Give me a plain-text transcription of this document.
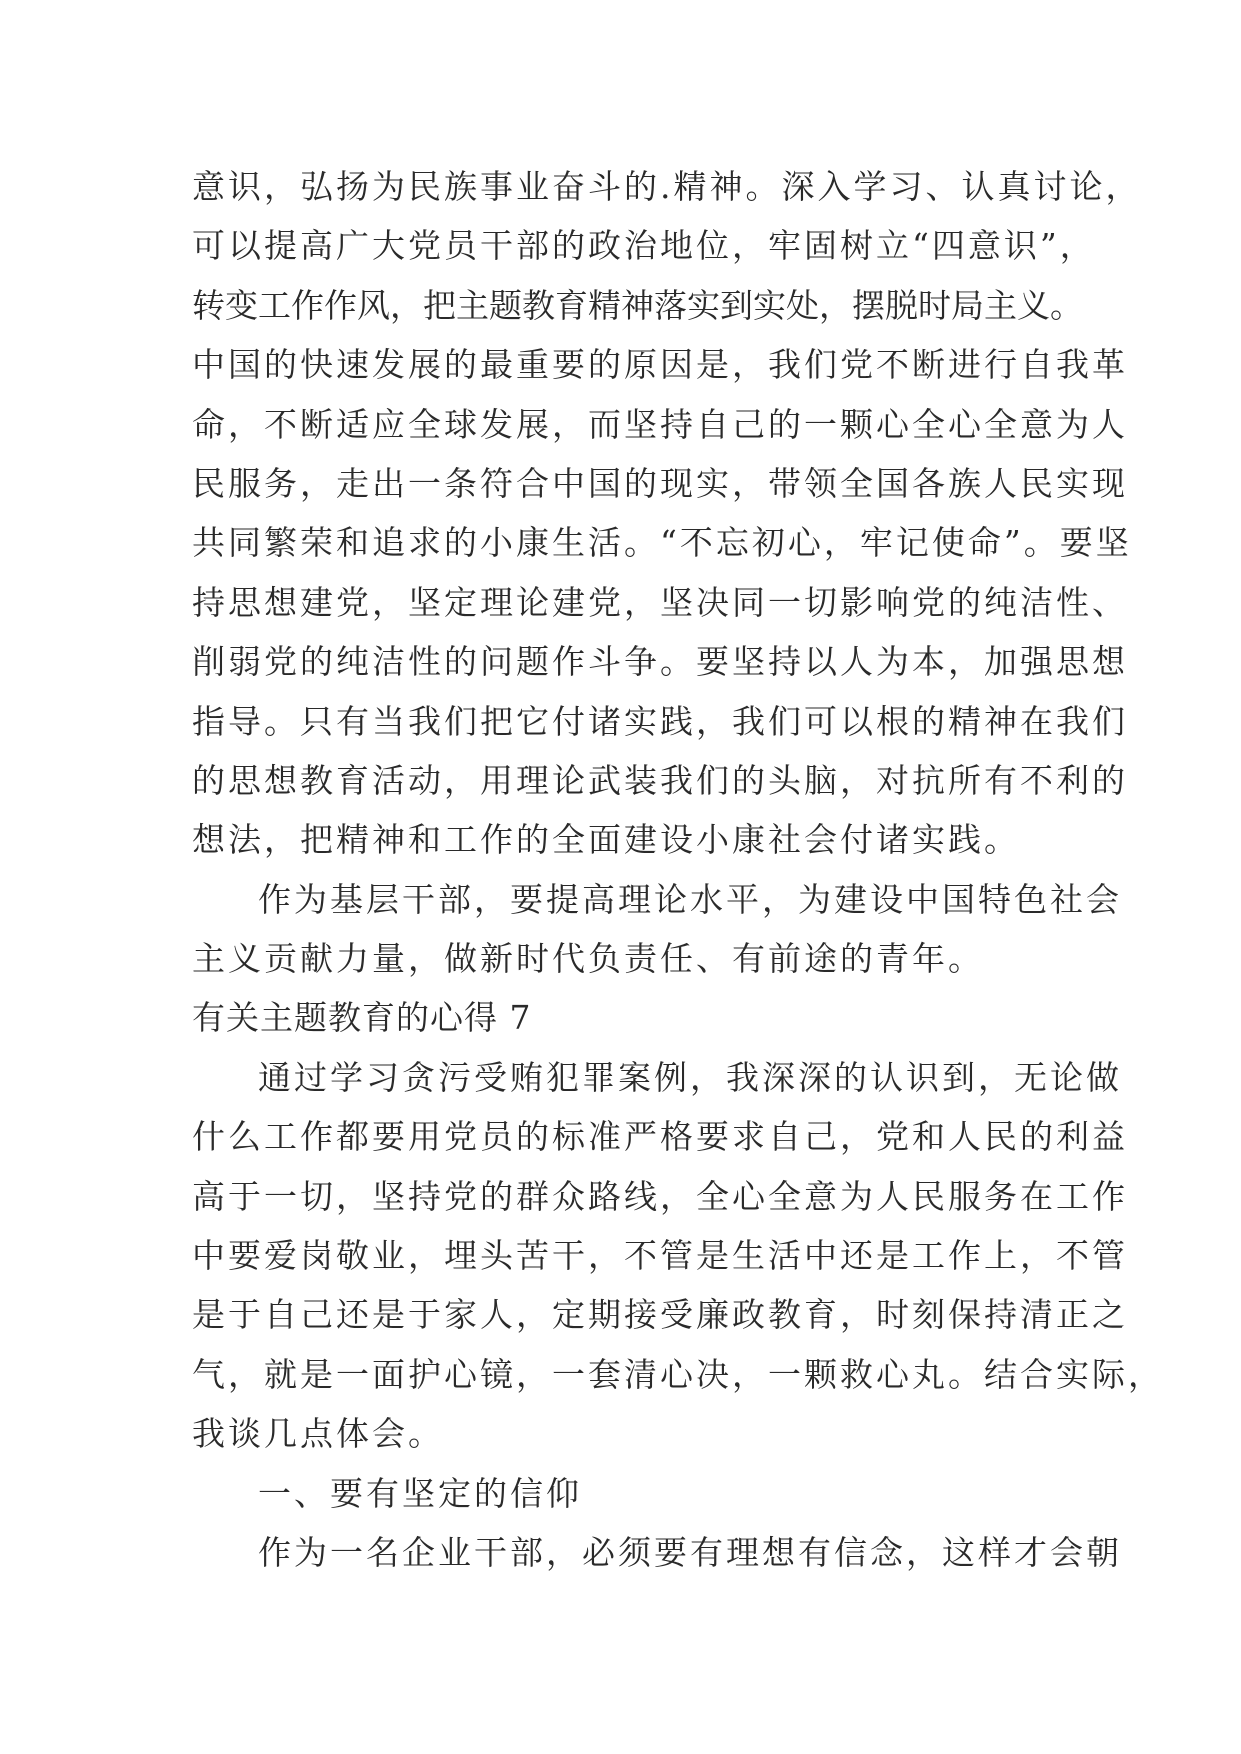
意识，弘扬为民族事业奋斗的.精神。深入学习、认真讨论，
可以提高广大党员干部的政治地位，牢固树立“四意识”，
转变工作作风，把主题教育精神落实到实处，摆脱时局主义。
中国的快速发展的最重要的原因是，我们党不断进行自我革
命，不断适应全球发展，而坚持自己的一颗心全心全意为人
民服务，走出一条符合中国的现实，带领全国各族人民实现
共同繁荣和追求的小康生活。“不忘初心，牢记使命”。要坚
持思想建党，坚定理论建党，坚决同一切影响党的纯洁性、
削弱党的纯洁性的问题作斗争。要坚持以人为本，加强思想
指导。只有当我们把它付诸实践，我们可以根的精神在我们
的思想教育活动，用理论武装我们的头脑，对抗所有不利的
想法，把精神和工作的全面建设小康社会付诸实践。
作为基层干部，要提高理论水平，为建设中国特色社会
主义贡献力量，做新时代负责任、有前途的青年。
有关主题教育的心得 7
通过学习贪污受贿犯罪案例，我深深的认识到，无论做
什么工作都要用党员的标准严格要求自己，党和人民的利益
高于一切，坚持党的群众路线，全心全意为人民服务在工作
中要爱岗敬业，埋头苦干，不管是生活中还是工作上，不管
是于自己还是于家人，定期接受廉政教育，时刻保持清正之
气，就是一面护心镜，一套清心决，一颗救心丸。结合实际，
我谈几点体会。
一、要有坚定的信仰
作为一名企业干部，必须要有理想有信念，这样才会朝
